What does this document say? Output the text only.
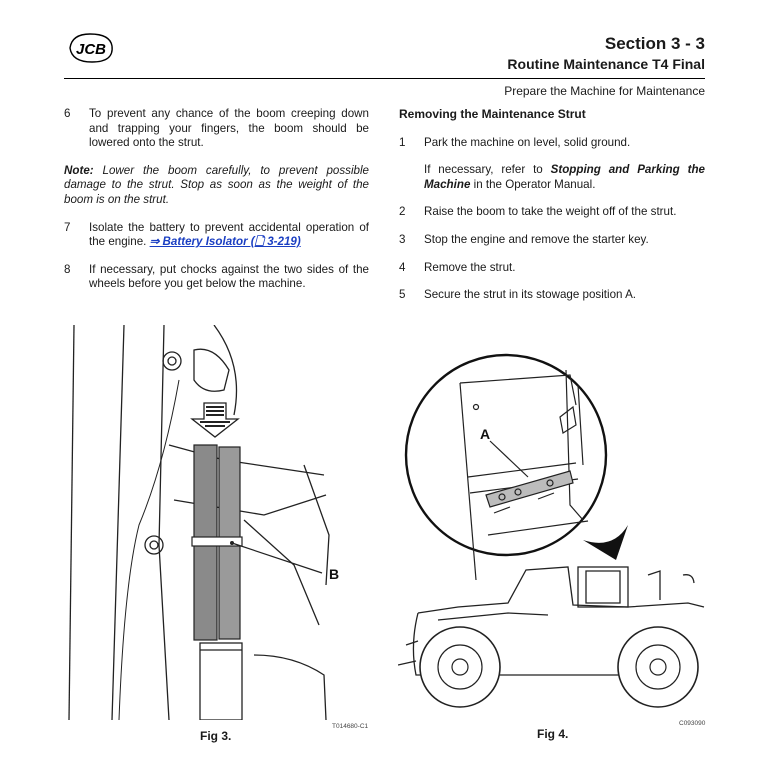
JCB	Section 3 - 3
Routine Maintenance T4 Final
Prepare the Machine for Maintenance
6	To prevent any chance of the boom creeping down and trapping your fingers, the boom should be lowered onto the strut.
Note: Lower the boom carefully, to prevent possible damage to the strut. Stop as soon as the weight of the boom is on the strut.
7	Isolate the battery to prevent accidental operation of the engine. ⇒ Battery Isolator (🗋 3-219)
8	If necessary, put chocks against the two sides of the wheels before you get below the machine.
Removing the Maintenance Strut
1	Park the machine on level, solid ground.
If necessary, refer to Stopping and Parking the Machine in the Operator Manual.
2	Raise the boom to take the weight off of the strut.
3	Stop the engine and remove the starter key.
4	Remove the strut.
5	Secure the strut in its stowage position A.
B
T014680-C1
Fig 3.
A
C093090
Fig 4.
